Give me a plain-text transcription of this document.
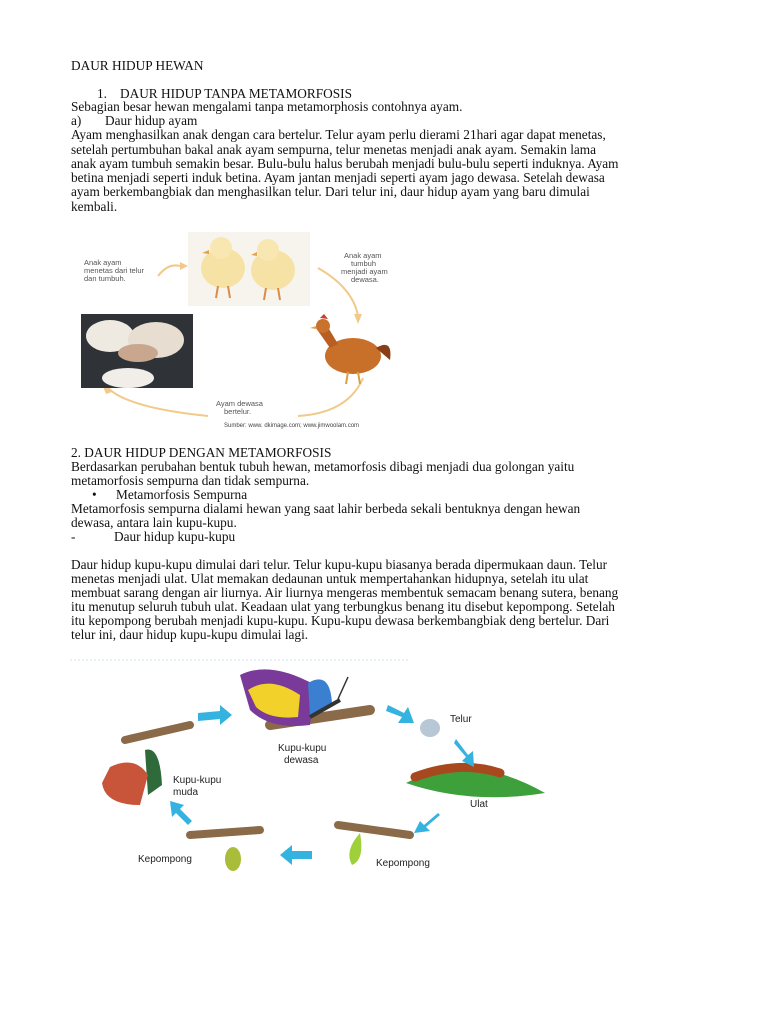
DAUR HIDUP HEWAN
1. DAUR HIDUP TANPA METAMORFOSIS
Sebagian besar hewan mengalami tanpa metamorphosis contohnya ayam.
a) Daur hidup ayam
Ayam menghasilkan anak dengan cara bertelur. Telur ayam perlu dierami 21hari agar dapat menetas,
setelah pertumbuhan bakal anak ayam sempurna, telur menetas menjadi anak ayam. Semakin lama
anak ayam tumbuh semakin besar. Bulu-bulu halus berubah menjadi bulu-bulu seperti induknya. Ayam
betina menjadi seperti induk betina. Ayam jantan menjadi seperti ayam jago dewasa. Setelah dewasa
ayam berkembangbiak dan menghasilkan telur. Dari telur ini, daur hidup ayam yang baru dimulai
kembali.
Anak ayam menetas dari telur dan tumbuh.
Anak ayam tumbuh menjadi ayam dewasa.
Ayam dewasa bertelur.
Sumber: www. dkimage.com; www.jimwoolam.com
2. DAUR HIDUP DENGAN METAMORFOSIS
Berdasarkan perubahan bentuk tubuh hewan, metamorfosis dibagi menjadi dua golongan yaitu
metamorfosis sempurna dan tidak sempurna.
• Metamorfosis Sempurna
Metamorfosis sempurna dialami hewan yang saat lahir berbeda sekali bentuknya dengan hewan
dewasa, antara lain kupu-kupu.
-	Daur hidup kupu-kupu
Daur hidup kupu-kupu dimulai dari telur. Telur kupu-kupu biasanya berada dipermukaan daun. Telur
menetas menjadi ulat. Ulat memakan dedaunan untuk mempertahankan hidupnya, setelah itu ulat
membuat sarang dengan air liurnya. Air liurnya mengeras membentuk semacam benang sutera, benang
itu menutup seluruh tubuh ulat. Keadaan ulat yang terbungkus benang itu disebut kepompong. Setelah
itu kepompong berubah menjadi kupu-kupu. Kupu-kupu dewasa berkembangbiak deng bertelur. Dari
telur ini, daur hidup kupu-kupu dimulai lagi.
Kupu-kupu dewasa
Telur
Ulat
Kepompong
Kepompong
Kupu-kupu muda
